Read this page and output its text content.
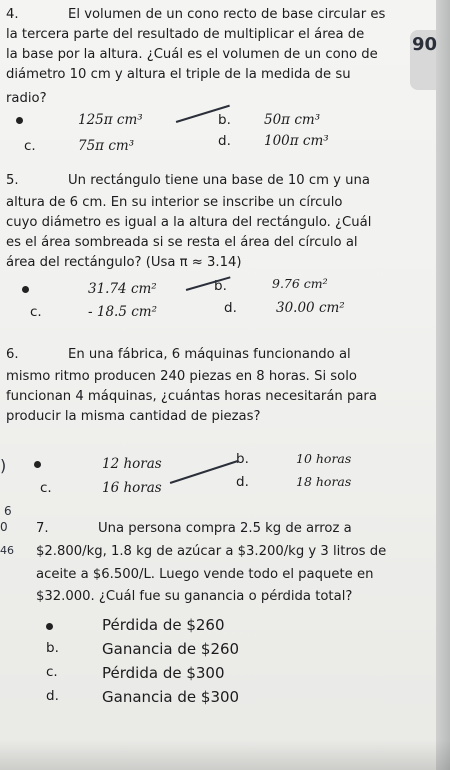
4.	El volumen de un cono recto de base circular es
la tercera parte del resultado de multiplicar el área de
la base por la altura. ¿Cuál es el volumen de un cono de
diámetro 10 cm y altura el triple de la medida de su
radio?
90
125π cm³	b. 50π cm³
c.	75π cm³	d. 100π cm³
5.	Un rectángulo tiene una base de 10 cm y una
altura de 6 cm. En su interior se inscribe un círculo
cuyo diámetro es igual a la altura del rectángulo. ¿Cuál
es el área sombreada si se resta el área del círculo al
área del rectángulo? (Usa π ≈ 3.14)
31.74 cm²	b.	9.76 cm²
c.	- 18.5 cm²	d.	30.00 cm²
6.	En una fábrica, 6 máquinas funcionando al
mismo ritmo producen 240 piezas en 8 horas. Si solo
funcionan 4 máquinas, ¿cuántas horas necesitarán para
producir la misma cantidad de piezas?
12 horas	b.	10 horas
c.	16 horas	d.	18 horas
)
6
0
46
7.	Una persona compra 2.5 kg de arroz a
$2.800/kg, 1.8 kg de azúcar a $3.200/kg y 3 litros de
aceite a $6.500/L. Luego vende todo el paquete en
$32.000. ¿Cuál fue su ganancia o pérdida total?
Pérdida de $260
b.	Ganancia de $260
c.	Pérdida de $300
d.	Ganancia de $300
